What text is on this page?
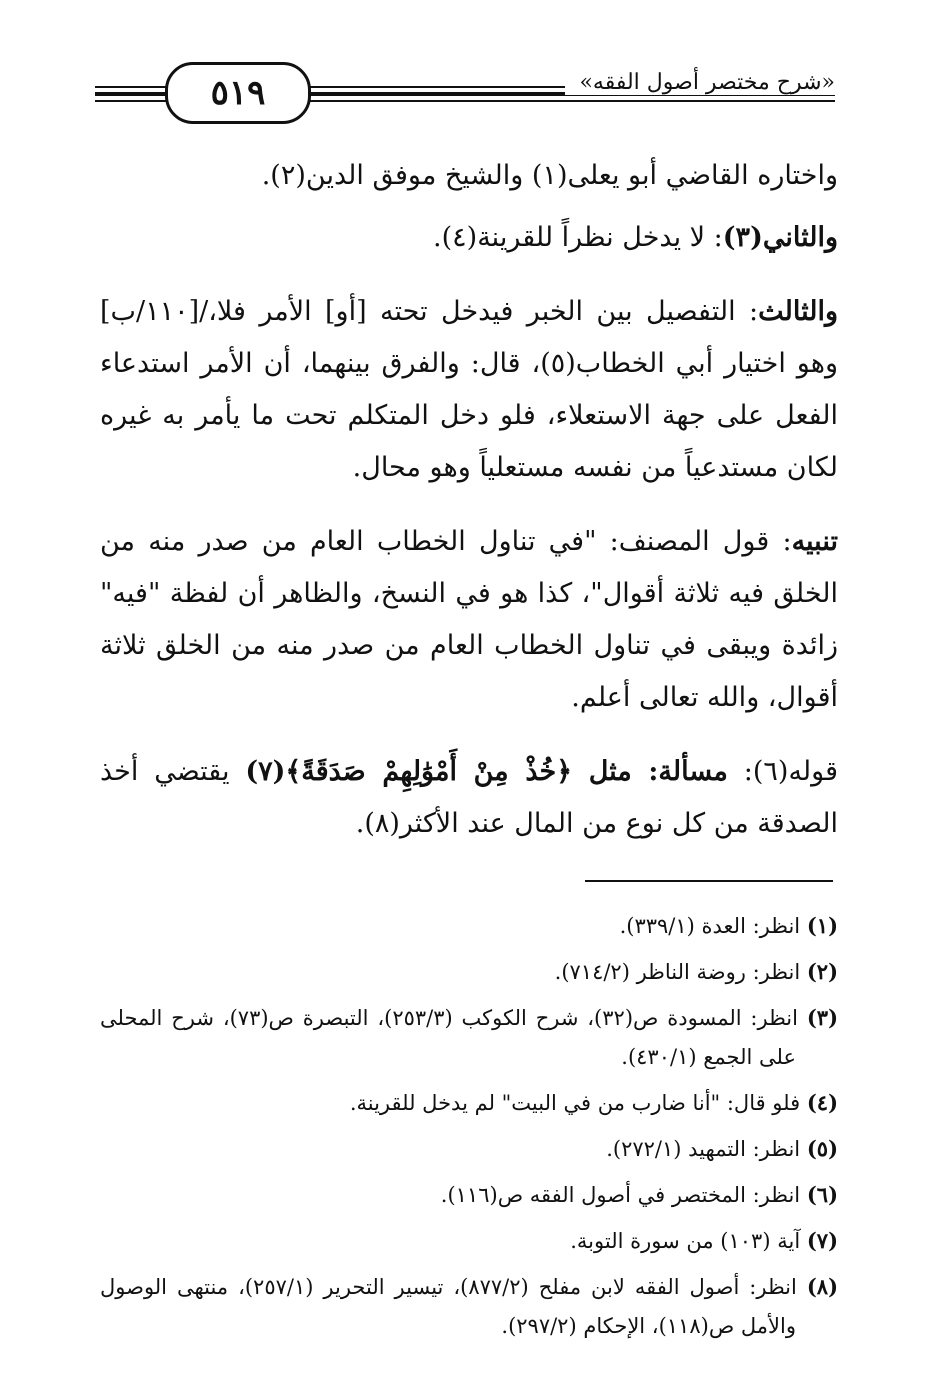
«شرح مختصر أصول الفقه»
٥١٩

واختاره القاضي أبو يعلى(١) والشيخ موفق الدين(٢).

والثاني(٣): لا يدخل نظراً للقرينة(٤).

والثالث: التفصيل بين الخبر فيدخل تحته [أو] الأمر فلا،/[١١٠/ب] وهو اختيار أبي الخطاب(٥)، قال: والفرق بينهما، أن الأمر استدعاء الفعل على جهة الاستعلاء، فلو دخل المتكلم تحت ما يأمر به غيره لكان مستدعياً من نفسه مستعلياً وهو محال.

تنبيه: قول المصنف: "في تناول الخطاب العام من صدر منه من الخلق فيه ثلاثة أقوال"، كذا هو في النسخ، والظاهر أن لفظة "فيه" زائدة ويبقى في تناول الخطاب العام من صدر منه من الخلق ثلاثة أقوال، والله تعالى أعلم.

قوله(٦): مسألة: مثل ﴿خُذْ مِنْ أَمْوَٰلِهِمْ صَدَقَةً﴾(٧) يقتضي أخذ الصدقة من كل نوع من المال عند الأكثر(٨).

(١) انظر: العدة (٣٣٩/١).

(٢) انظر: روضة الناظر (٧١٤/٢).

(٣) انظر: المسودة ص(٣٢)، شرح الكوكب (٢٥٣/٣)، التبصرة ص(٧٣)، شرح المحلى على الجمع (٤٣٠/١).

(٤) فلو قال: "أنا ضارب من في البيت" لم يدخل للقرينة.

(٥) انظر: التمهيد (٢٧٢/١).

(٦) انظر: المختصر في أصول الفقه ص(١١٦).

(٧) آية (١٠٣) من سورة التوبة.

(٨) انظر: أصول الفقه لابن مفلح (٨٧٧/٢)، تيسير التحرير (٢٥٧/١)، منتهى الوصول والأمل ص(١١٨)، الإحكام (٢٩٧/٢).
